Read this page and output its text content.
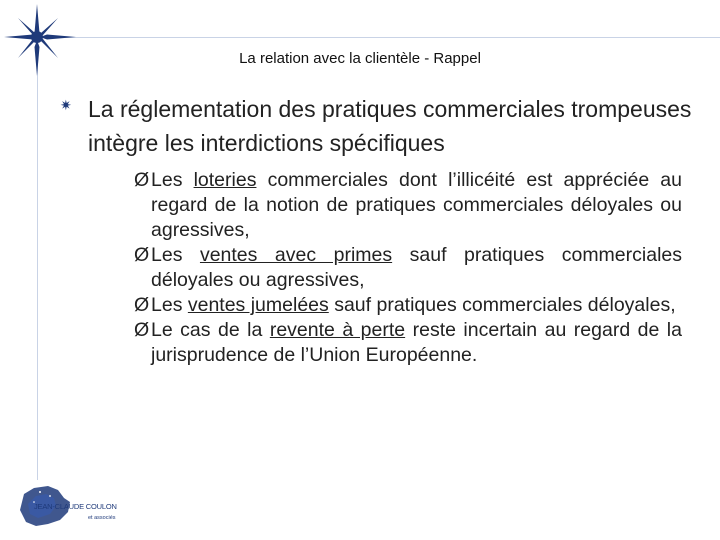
La relation avec la clientèle - Rappel
✷ La réglementation des pratiques commerciales trompeuses intègre les interdictions spécifiques
Ø Les loteries commerciales dont l’illicéité est appréciée au regard de la notion de pratiques commerciales déloyales ou agressives,
Ø Les ventes avec primes sauf pratiques commerciales déloyales ou agressives,
Ø Les ventes jumelées sauf pratiques commerciales déloyales,
Ø Le cas de la revente à perte reste incertain au regard de la jurisprudence de l’Union Européenne.
JEAN-CLAUDE COULON
et associés
